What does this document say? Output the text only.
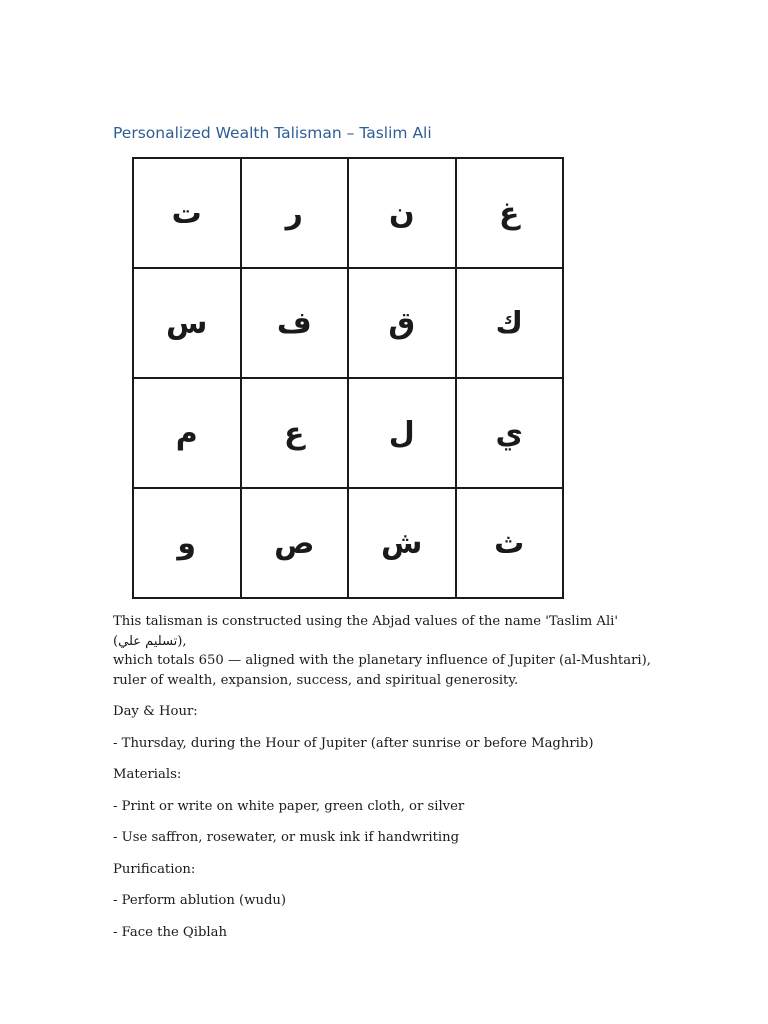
Personalized Wealth Talisman – Taslim Ali
ت	ر	ن	غ
س	ف	ق	ك
م	ع	ل	ي
و	ص	ش	ث

This talisman is constructed using the Abjad values of the name 'Taslim Ali' (تسليم علي),
which totals 650 — aligned with the planetary influence of Jupiter (al-Mushtari), ruler of wealth, expansion, success, and spiritual generosity.

Day & Hour:

- Thursday, during the Hour of Jupiter (after sunrise or before Maghrib)

Materials:

- Print or write on white paper, green cloth, or silver

- Use saffron, rosewater, or musk ink if handwriting

Purification:

- Perform ablution (wudu)

- Face the Qiblah
